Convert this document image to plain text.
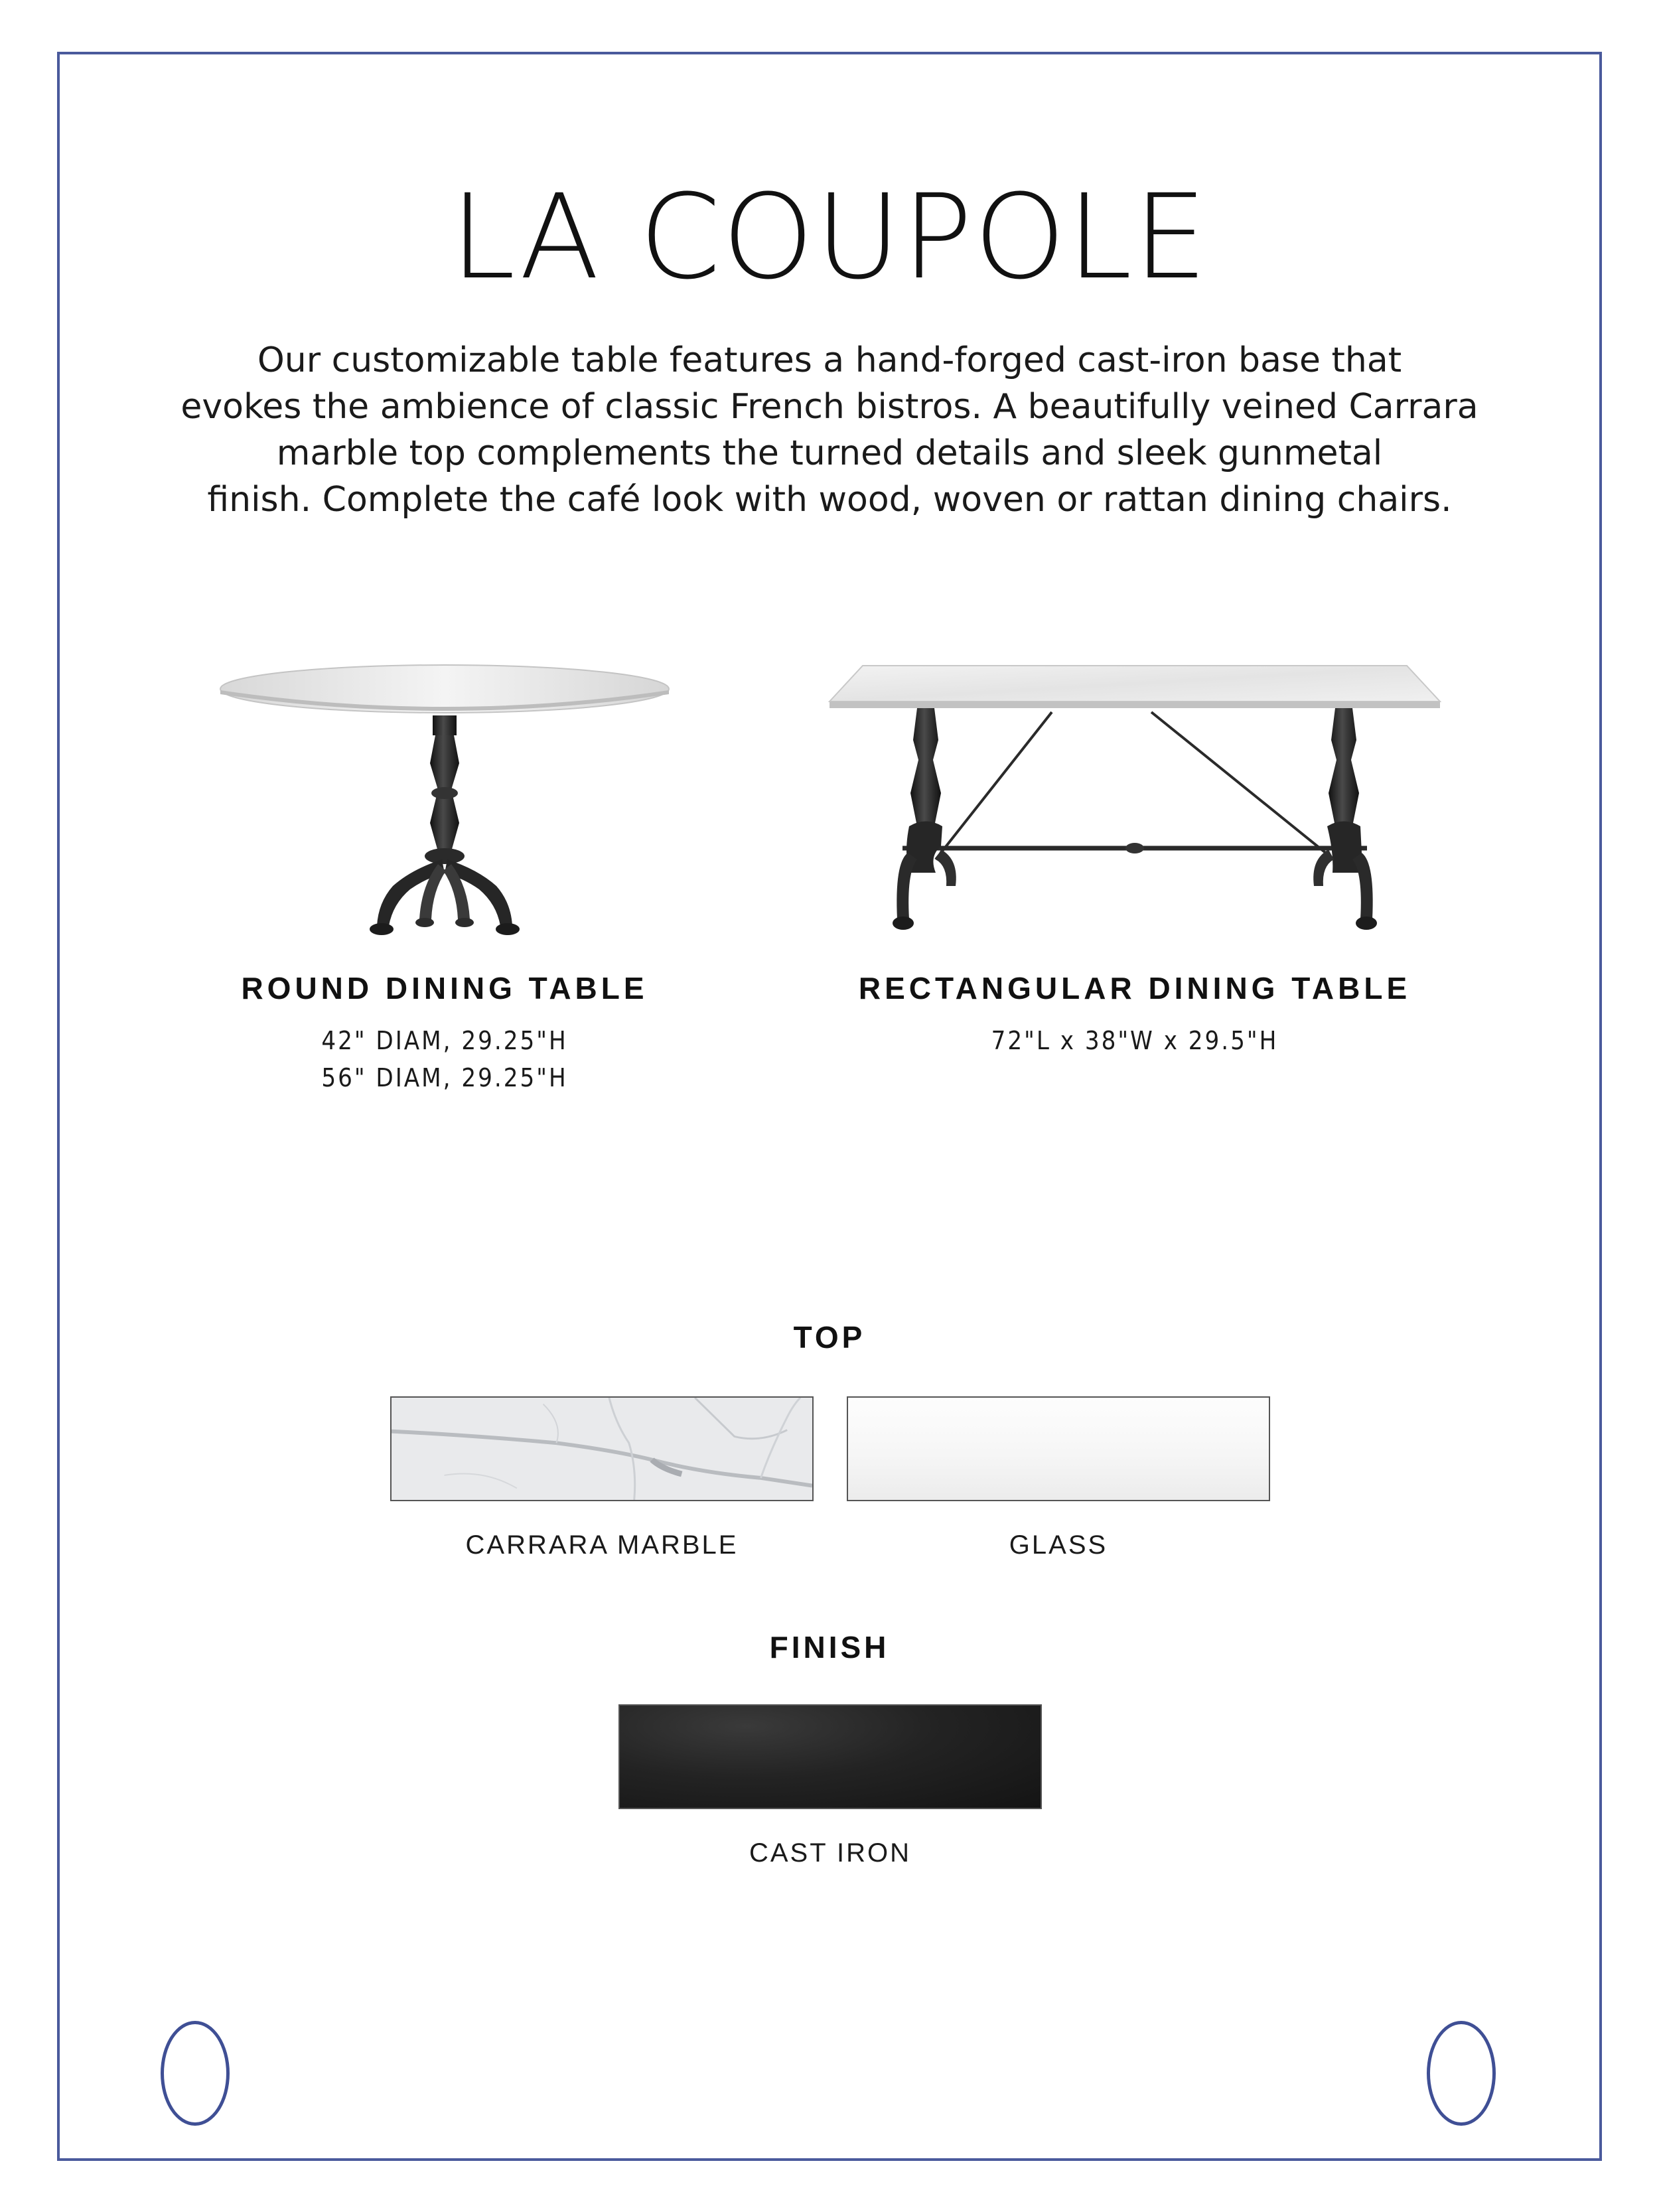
LA COUPOLE

Our customizable table features a hand-forged cast-iron base that
evokes the ambience of classic French bistros. A beautifully veined Carrara
marble top complements the turned details and sleek gunmetal
finish. Complete the café look with wood, woven or rattan dining chairs.

ROUND DINING TABLE
42" DIAM, 29.25"H
56" DIAM, 29.25"H
RECTANGULAR DINING TABLE
72"L x 38"W x 29.5"H
TOP
CARRARA MARBLE	GLASS
FINISH
CAST IRON
